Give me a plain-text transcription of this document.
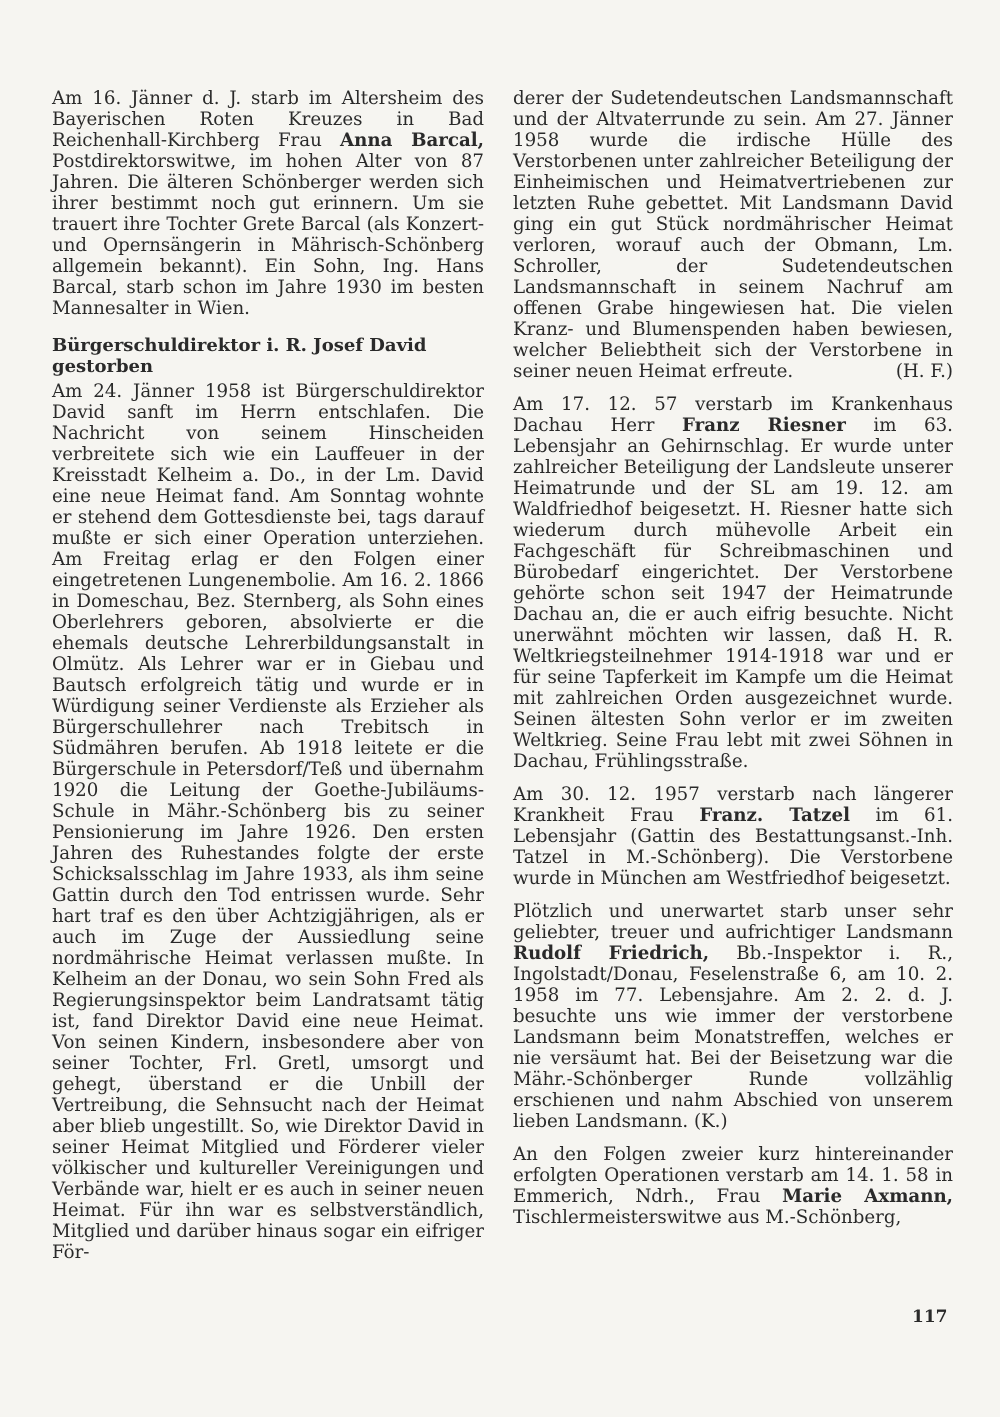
Am 16. Jänner d. J. starb im Altersheim des Bayerischen Roten Kreuzes in Bad Reichenhall-Kirchberg Frau Anna Barcal, Postdirektorswitwe, im hohen Alter von 87 Jahren. Die älteren Schönberger werden sich ihrer bestimmt noch gut erinnern. Um sie trauert ihre Tochter Grete Barcal (als Konzert- und Opernsängerin in Mährisch-Schönberg allgemein bekannt). Ein Sohn, Ing. Hans Barcal, starb schon im Jahre 1930 im besten Mannesalter in Wien.

Bürgerschuldirektor i. R. Josef David gestorben

Am 24. Jänner 1958 ist Bürgerschuldirektor David sanft im Herrn entschlafen. Die Nachricht von seinem Hinscheiden verbreitete sich wie ein Lauffeuer in der Kreisstadt Kelheim a. Do., in der Lm. David eine neue Heimat fand. Am Sonntag wohnte er stehend dem Gottesdienste bei, tags darauf mußte er sich einer Operation unterziehen. Am Freitag erlag er den Folgen einer eingetretenen Lungenembolie. Am 16. 2. 1866 in Domeschau, Bez. Sternberg, als Sohn eines Oberlehrers geboren, absolvierte er die ehemals deutsche Lehrerbildungsanstalt in Olmütz. Als Lehrer war er in Giebau und Bautsch erfolgreich tätig und wurde er in Würdigung seiner Verdienste als Erzieher als Bürgerschullehrer nach Trebitsch in Südmähren berufen. Ab 1918 leitete er die Bürgerschule in Petersdorf/Teß und übernahm 1920 die Leitung der Goethe-Jubiläums-Schule in Mähr.-Schönberg bis zu seiner Pensionierung im Jahre 1926. Den ersten Jahren des Ruhestandes folgte der erste Schicksalsschlag im Jahre 1933, als ihm seine Gattin durch den Tod entrissen wurde. Sehr hart traf es den über Achtzigjährigen, als er auch im Zuge der Aussiedlung seine nordmährische Heimat verlassen mußte. In Kelheim an der Donau, wo sein Sohn Fred als Regierungsinspektor beim Landratsamt tätig ist, fand Direktor David eine neue Heimat. Von seinen Kindern, insbesondere aber von seiner Tochter, Frl. Gretl, umsorgt und gehegt, überstand er die Unbill der Vertreibung, die Sehnsucht nach der Heimat aber blieb ungestillt. So, wie Direktor David in seiner Heimat Mitglied und Förderer vieler völkischer und kultureller Vereinigungen und Verbände war, hielt er es auch in seiner neuen Heimat. Für ihn war es selbstverständlich, Mitglied und darüber hinaus sogar ein eifriger För-

derer der Sudetendeutschen Landsmannschaft und der Altvaterrunde zu sein. Am 27. Jänner 1958 wurde die irdische Hülle des Verstorbenen unter zahlreicher Beteiligung der Einheimischen und Heimatvertriebenen zur letzten Ruhe gebettet. Mit Landsmann David ging ein gut Stück nordmährischer Heimat verloren, worauf auch der Obmann, Lm. Schroller, der Sudetendeutschen Landsmannschaft in seinem Nachruf am offenen Grabe hingewiesen hat. Die vielen Kranz- und Blumenspenden haben bewiesen, welcher Beliebtheit sich der Verstorbene in seiner neuen Heimat erfreute.	(H. F.)

Am 17. 12. 57 verstarb im Krankenhaus Dachau Herr Franz Riesner im 63. Lebensjahr an Gehirnschlag. Er wurde unter zahlreicher Beteiligung der Landsleute unserer Heimatrunde und der SL am 19. 12. am Waldfriedhof beigesetzt. H. Riesner hatte sich wiederum durch mühevolle Arbeit ein Fachgeschäft für Schreibmaschinen und Bürobedarf eingerichtet. Der Verstorbene gehörte schon seit 1947 der Heimatrunde Dachau an, die er auch eifrig besuchte. Nicht unerwähnt möchten wir lassen, daß H. R. Weltkriegsteilnehmer 1914-1918 war und er für seine Tapferkeit im Kampfe um die Heimat mit zahlreichen Orden ausgezeichnet wurde. Seinen ältesten Sohn verlor er im zweiten Weltkrieg. Seine Frau lebt mit zwei Söhnen in Dachau, Frühlingsstraße.

Am 30. 12. 1957 verstarb nach längerer Krankheit Frau Franz. Tatzel im 61. Lebensjahr (Gattin des Bestattungsanst.-Inh. Tatzel in M.-Schönberg). Die Verstorbene wurde in München am Westfriedhof beigesetzt.

Plötzlich und unerwartet starb unser sehr geliebter, treuer und aufrichtiger Landsmann Rudolf Friedrich, Bb.-Inspektor i. R., Ingolstadt/Donau, Feselenstraße 6, am 10. 2. 1958 im 77. Lebensjahre. Am 2. 2. d. J. besuchte uns wie immer der verstorbene Landsmann beim Monatstreffen, welches er nie versäumt hat. Bei der Beisetzung war die Mähr.-Schönberger Runde vollzählig erschienen und nahm Abschied von unserem lieben Landsmann. (K.)

An den Folgen zweier kurz hintereinander erfolgten Operationen verstarb am 14. 1. 58 in Emmerich, Ndrh., Frau Marie Axmann, Tischlermeisterswitwe aus M.-Schönberg,

117
